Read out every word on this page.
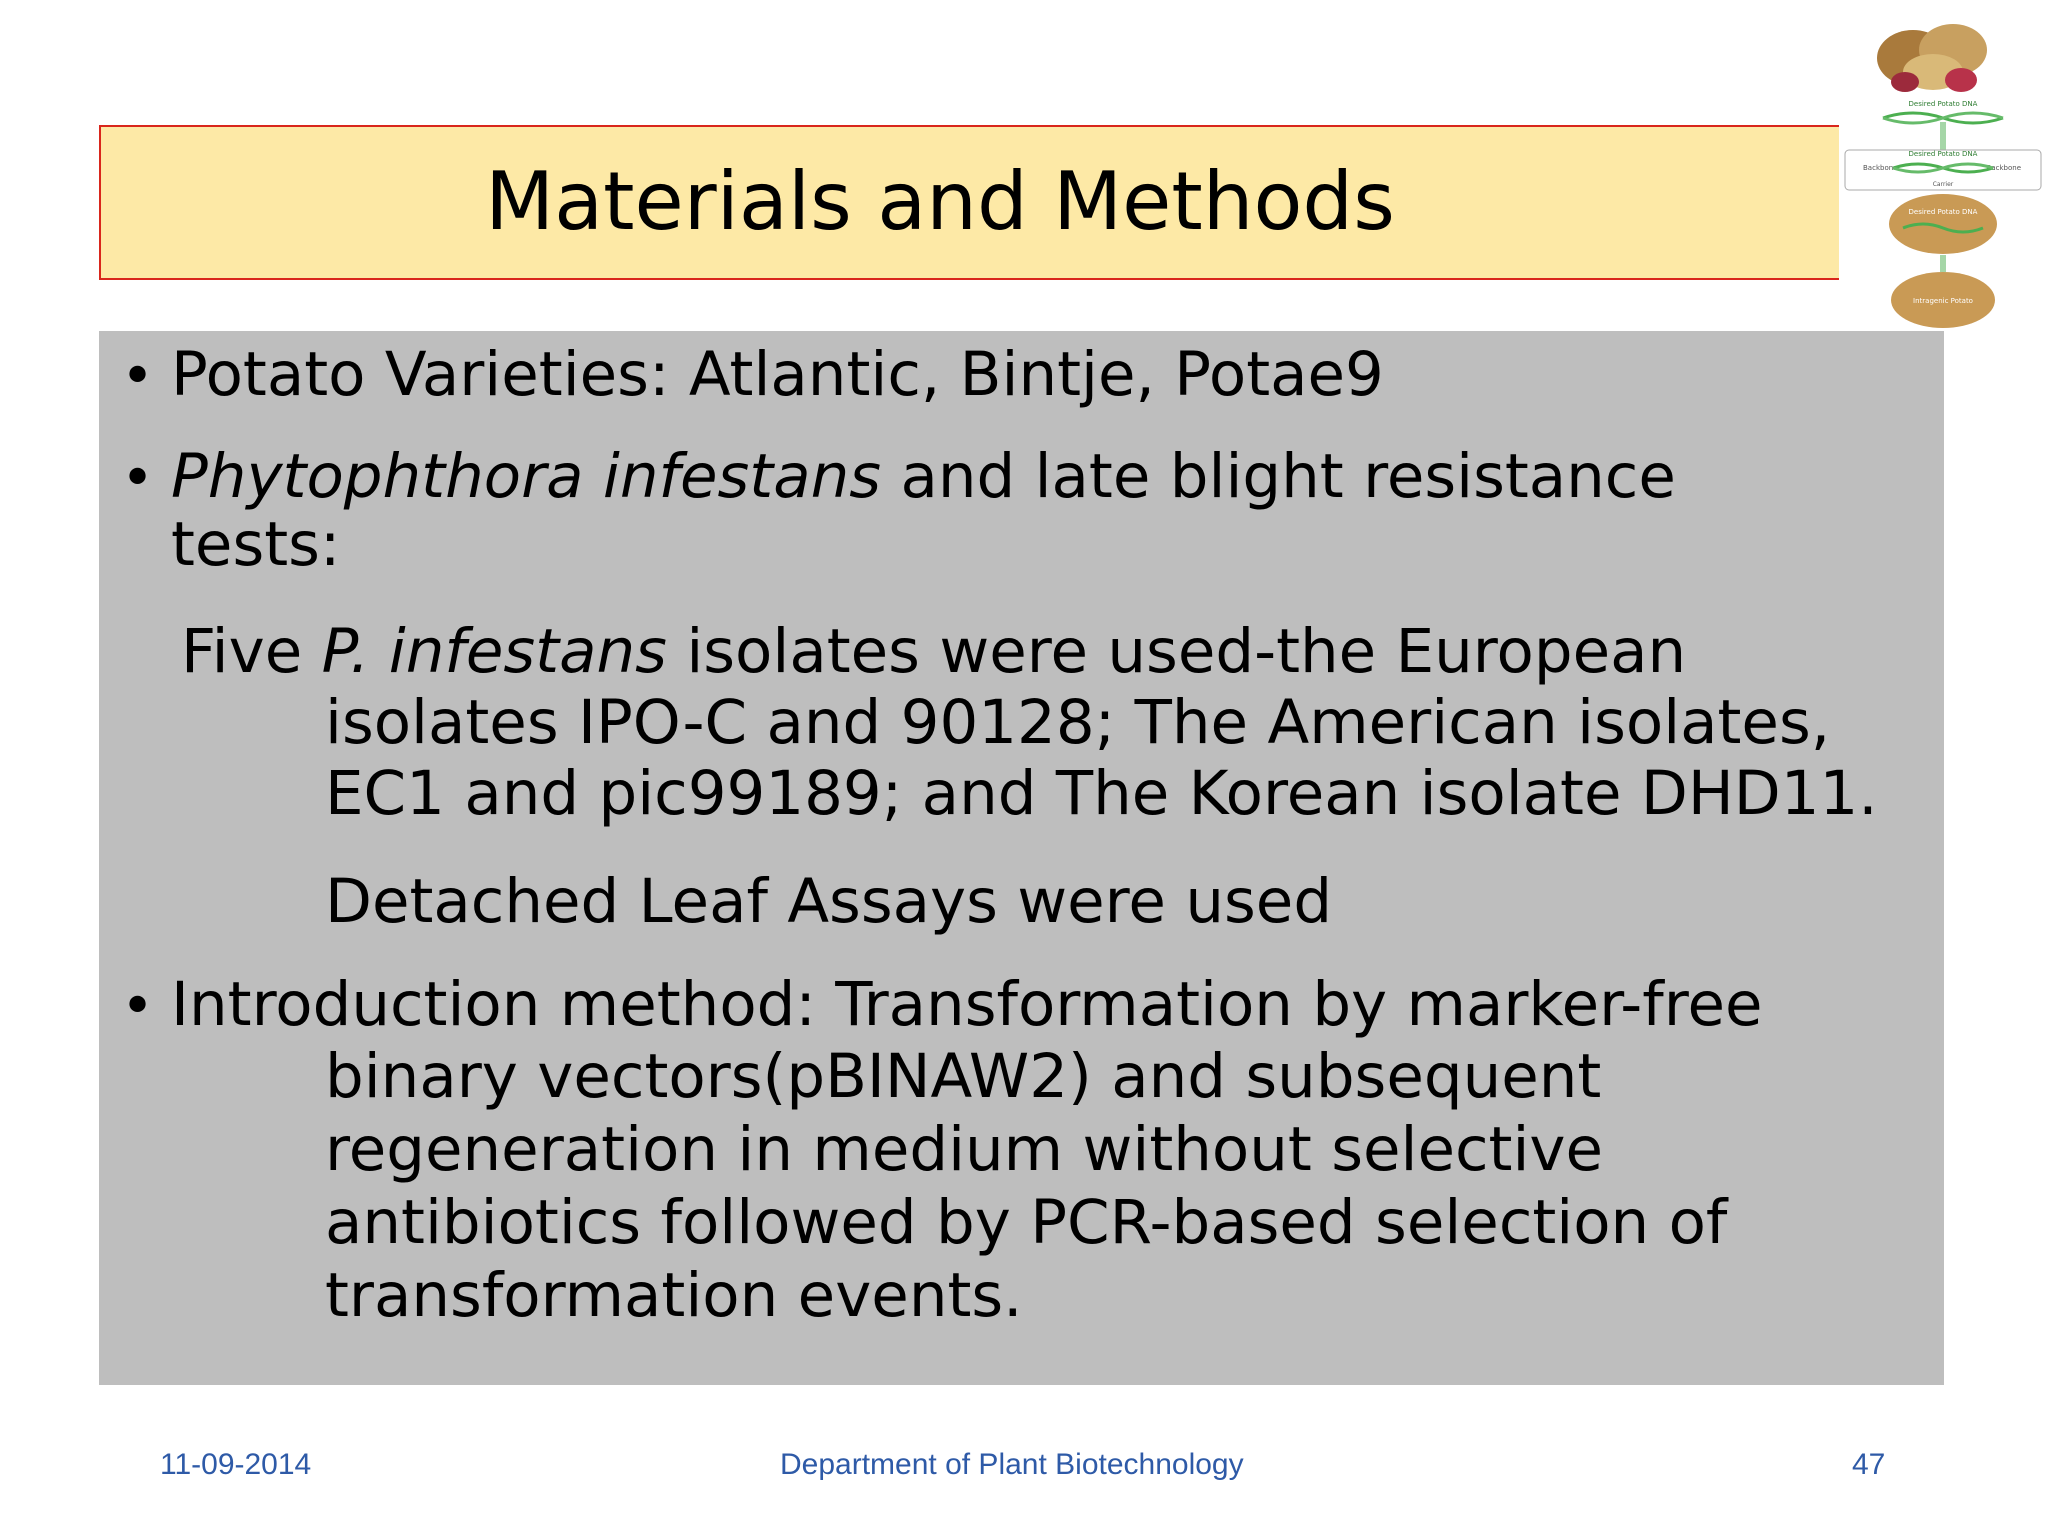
Materials and Methods
Desired Potato DNA
Backbone	Backbone
Desired Potato DNA
Carrier
Desired Potato DNA
Intragenic Potato
• Potato Varieties: Atlantic, Bintje, Potae9
• Phytophthora infestans and late blight resistance
tests:
Five P. infestans isolates were used-the European
isolates IPO-C and 90128; The American isolates,
EC1 and pic99189; and The Korean isolate DHD11.
Detached Leaf Assays were used
• Introduction method: Transformation by marker-free
binary vectors(pBINAW2) and subsequent
regeneration in medium without selective
antibiotics followed by PCR-based selection of
transformation events.
11-09-2014	Department of Plant Biotechnology	47
